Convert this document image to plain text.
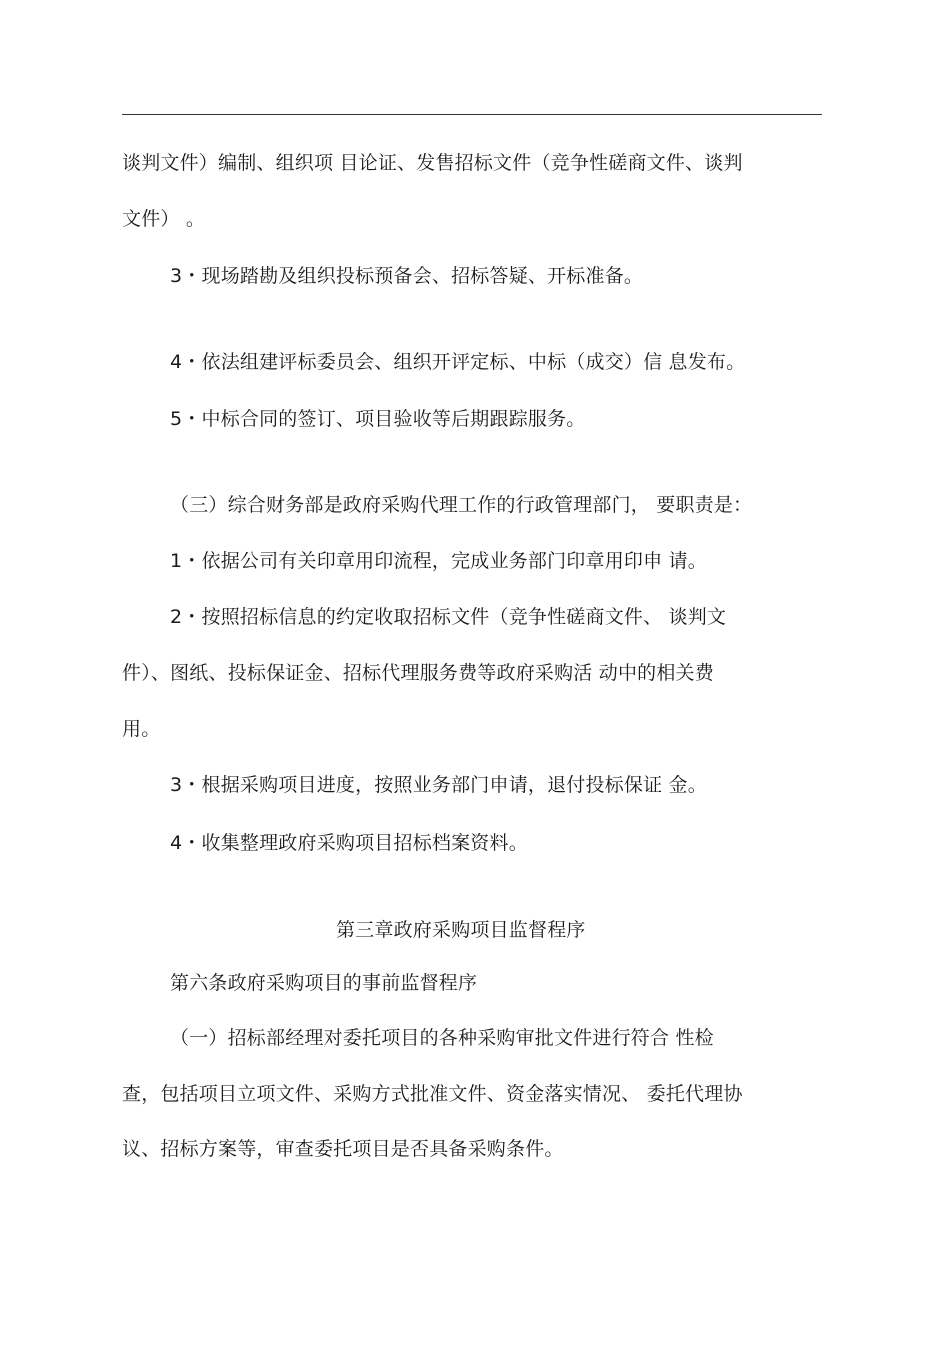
谈判文件）编制、组织项 目论证、发售招标文件（竞争性磋商文件、谈判
文件） 。
3・现场踏勘及组织投标预备会、招标答疑、开标准备。
4・依法组建评标委员会、组织开评定标、中标（成交）信 息发布。
5・中标合同的签订、项目验收等后期跟踪服务。
（三）综合财务部是政府采购代理工作的行政管理部门， 要职责是：
1・依据公司有关印章用印流程，完成业务部门印章用印申 请。
2・按照招标信息的约定收取招标文件（竞争性磋商文件、 谈判文
件）、图纸、投标保证金、招标代理服务费等政府采购活 动中的相关费
用。
3・根据采购项目进度，按照业务部门申请，退付投标保证 金。
4・收集整理政府采购项目招标档案资料。
第三章政府采购项目监督程序
第六条政府采购项目的事前监督程序
（一）招标部经理对委托项目的各种采购审批文件进行符合 性检
查，包括项目立项文件、采购方式批准文件、资金落实情况、 委托代理协
议、招标方案等，审查委托项目是否具备采购条件。
